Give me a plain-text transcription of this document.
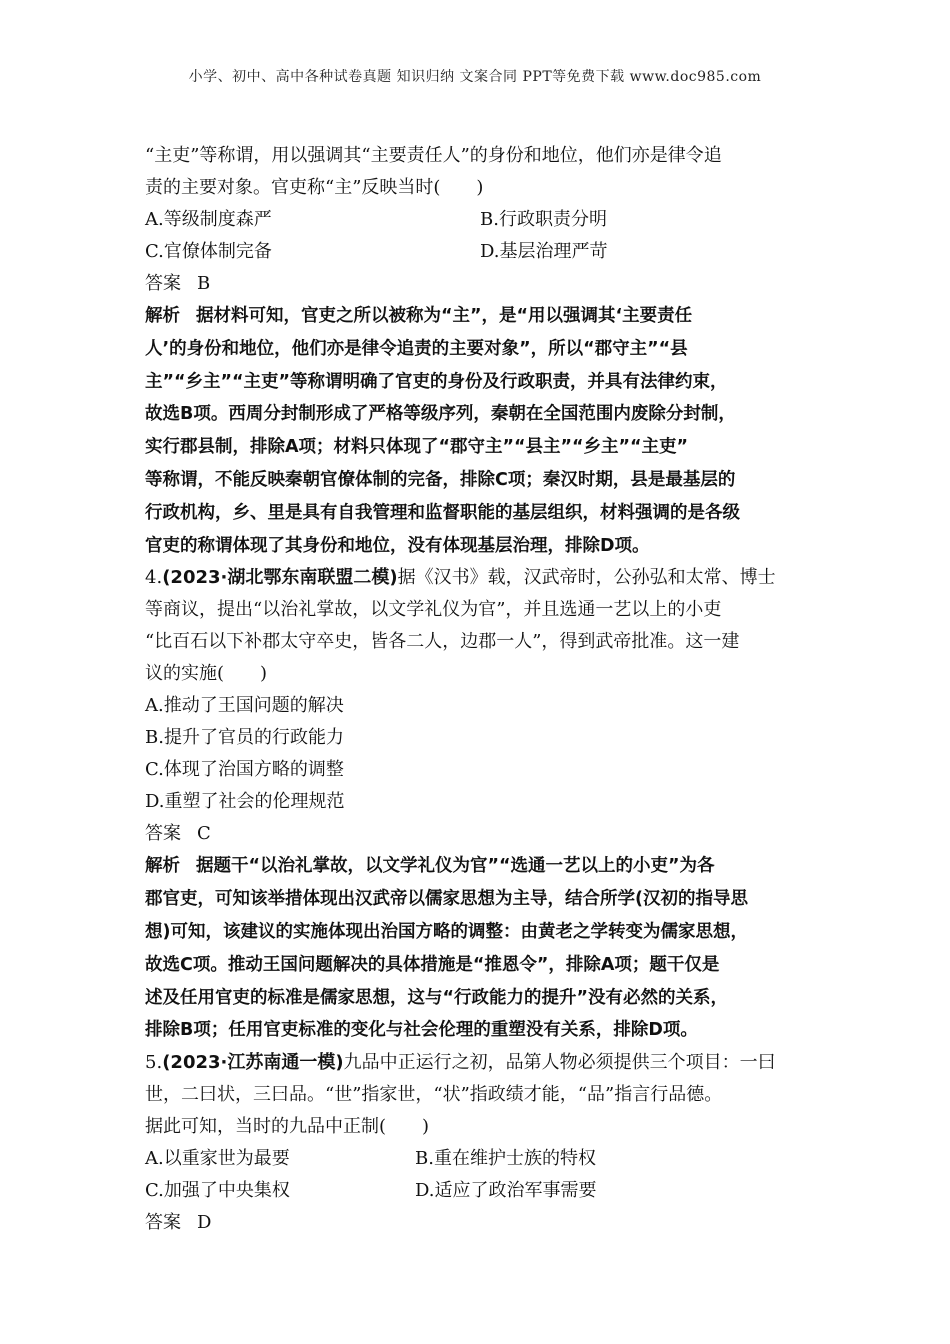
小学、初中、高中各种试卷真题 知识归纳 文案合同 PPT等免费下载 www.doc985.com

“主吏”等称谓，用以强调其“主要责任人”的身份和地位，他们亦是律令追

责的主要对象。官吏称“主”反映当时(　　)

A.等级制度森严	B.行政职责分明
C.官僚体制完备	D.基层治理严苛

答案 B

解析 据材料可知，官吏之所以被称为“主”，是“用以强调其‘主要责任

人’的身份和地位，他们亦是律令追责的主要对象”，所以“郡守主”“县

主”“乡主”“主吏”等称谓明确了官吏的身份及行政职责，并具有法律约束，

故选B项。西周分封制形成了严格等级序列，秦朝在全国范围内废除分封制，

实行郡县制，排除A项；材料只体现了“郡守主”“县主”“乡主”“主吏”

等称谓，不能反映秦朝官僚体制的完备，排除C项；秦汉时期，县是最基层的

行政机构，乡、里是具有自我管理和监督职能的基层组织，材料强调的是各级

官吏的称谓体现了其身份和地位，没有体现基层治理，排除D项。

4.(2023·湖北鄂东南联盟二模)据《汉书》载，汉武帝时，公孙弘和太常、博士

等商议，提出“以治礼掌故，以文学礼仪为官”，并且选通一艺以上的小吏

“比百石以下补郡太守卒史，皆各二人，边郡一人”，得到武帝批准。这一建

议的实施(　　)

A.推动了王国问题的解决

B.提升了官员的行政能力

C.体现了治国方略的调整

D.重塑了社会的伦理规范

答案 C

解析 据题干“以治礼掌故，以文学礼仪为官”“选通一艺以上的小吏”为各

郡官吏，可知该举措体现出汉武帝以儒家思想为主导，结合所学(汉初的指导思

想)可知，该建议的实施体现出治国方略的调整：由黄老之学转变为儒家思想，

故选C项。推动王国问题解决的具体措施是“推恩令”，排除A项；题干仅是

述及任用官吏的标准是儒家思想，这与“行政能力的提升”没有必然的关系，

排除B项；任用官吏标准的变化与社会伦理的重塑没有关系，排除D项。

5.(2023·江苏南通一模)九品中正运行之初，品第人物必须提供三个项目：一曰

世，二曰状，三曰品。“世”指家世，“状”指政绩才能，“品”指言行品德。

据此可知，当时的九品中正制(　　)

A.以重家世为最要	B.重在维护士族的特权
C.加强了中央集权	D.适应了政治军事需要

答案 D
